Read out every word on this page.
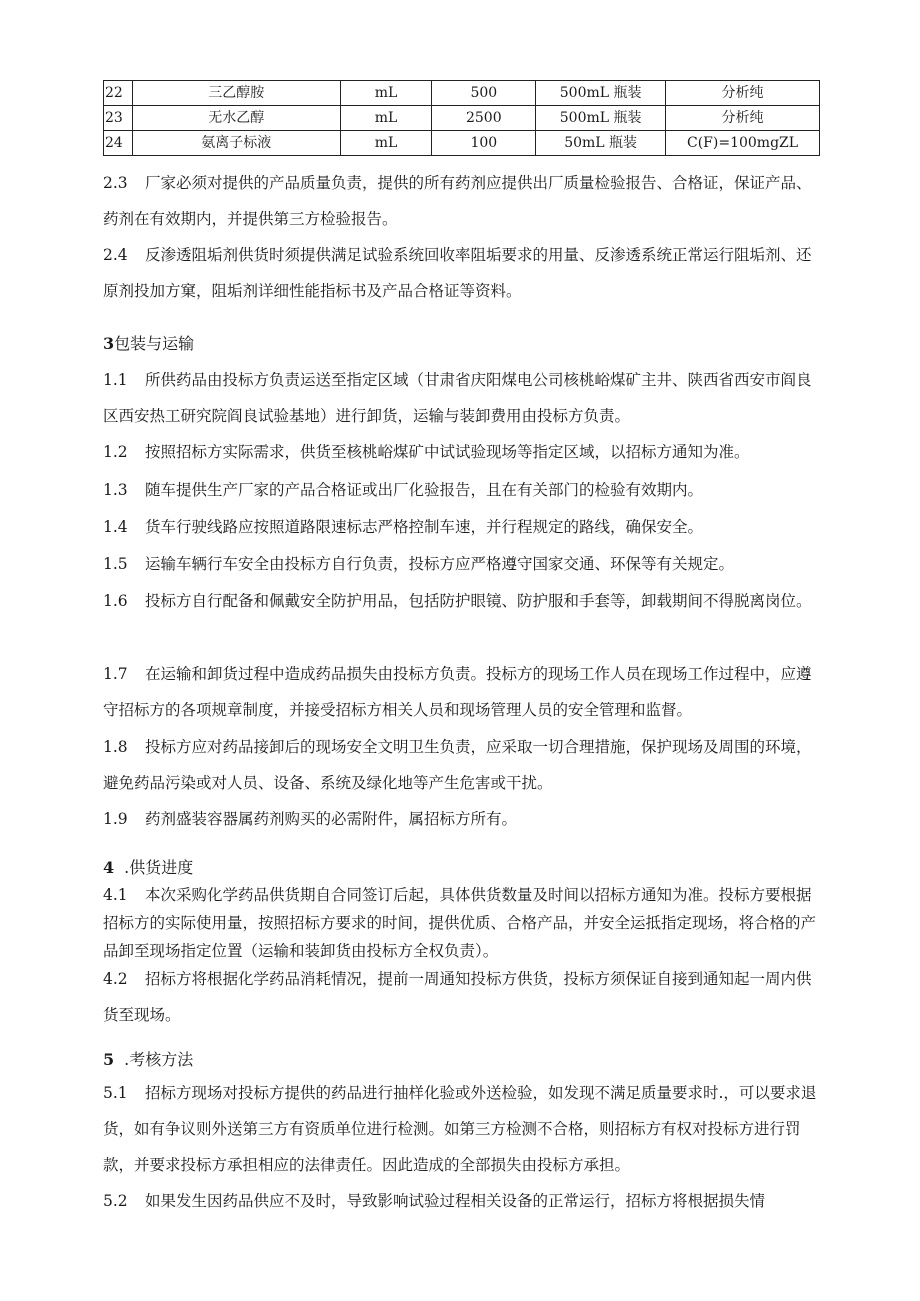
22	三乙醇胺	mL	500	500mL 瓶装	分析纯
23	无水乙醇	mL	2500	500mL 瓶装	分析纯
24	氨离子标液	mL	100	50mL 瓶装	C(F)=100mgZL
2.3 厂家必须对提供的产品质量负责，提供的所有药剂应提供出厂质量检验报告、合格证，保证产品、药剂在有效期内，并提供第三方检验报告。
2.4 反渗透阻垢剂供货时须提供满足试验系统回收率阻垢要求的用量、反渗透系统正常运行阻垢剂、还原剂投加方窠，阻垢剂详细性能指标书及产品合格证等资料。
3包装与运输
1.1 所供药品由投标方负责运送至指定区域（甘肃省庆阳煤电公司核桃峪煤矿主井、陕西省西安市阎良区西安热工研究院阎良试验基地）进行卸货，运输与装卸费用由投标方负责。
1.2 按照招标方实际需求，供货至核桃峪煤矿中试试验现场等指定区域，以招标方通知为准。
1.3 随车提供生产厂家的产品合格证或出厂化验报告，且在有关部门的检验有效期内。
1.4 货车行驶线路应按照道路限速标志严格控制车速，并行程规定的路线，确保安全。
1.5 运输车辆行车安全由投标方自行负责，投标方应严格遵守国家交通、环保等有关规定。
1.6 投标方自行配备和佩戴安全防护用品，包括防护眼镜、防护服和手套等，卸载期间不得脱离岗位。
1.7 在运输和卸货过程中造成药品损失由投标方负责。投标方的现场工作人员在现场工作过程中，应遵守招标方的各项规章制度，并接受招标方相关人员和现场管理人员的安全管理和监督。
1.8 投标方应对药品接卸后的现场安全文明卫生负责，应采取一切合理措施，保护现场及周围的环境，避免药品污染或对人员、设备、系统及绿化地等产生危害或干扰。
1.9 药剂盛装容器属药剂购买的必需附件，属招标方所有。
4 .供货进度
4.1 本次采购化学药品供货期自合同签订后起，具体供货数量及时间以招标方通知为准。投标方要根据招标方的实际使用量，按照招标方要求的时间，提供优质、合格产品，并安全运抵指定现场，将合格的产品卸至现场指定位置（运输和装卸货由投标方全权负责）。
4.2 招标方将根据化学药品消耗情况，提前一周通知投标方供货，投标方须保证自接到通知起一周内供货至现场。
5 .考核方法
5.1 招标方现场对投标方提供的药品进行抽样化验或外送检验，如发现不满足质量要求时.，可以要求退货，如有争议则外送第三方有资质单位进行检测。如第三方检测不合格，则招标方有权对投标方进行罚款，并要求投标方承担相应的法律责任。因此造成的全部损失由投标方承担。
5.2 如果发生因药品供应不及时，导致影响试验过程相关设备的正常运行，招标方将根据损失情
